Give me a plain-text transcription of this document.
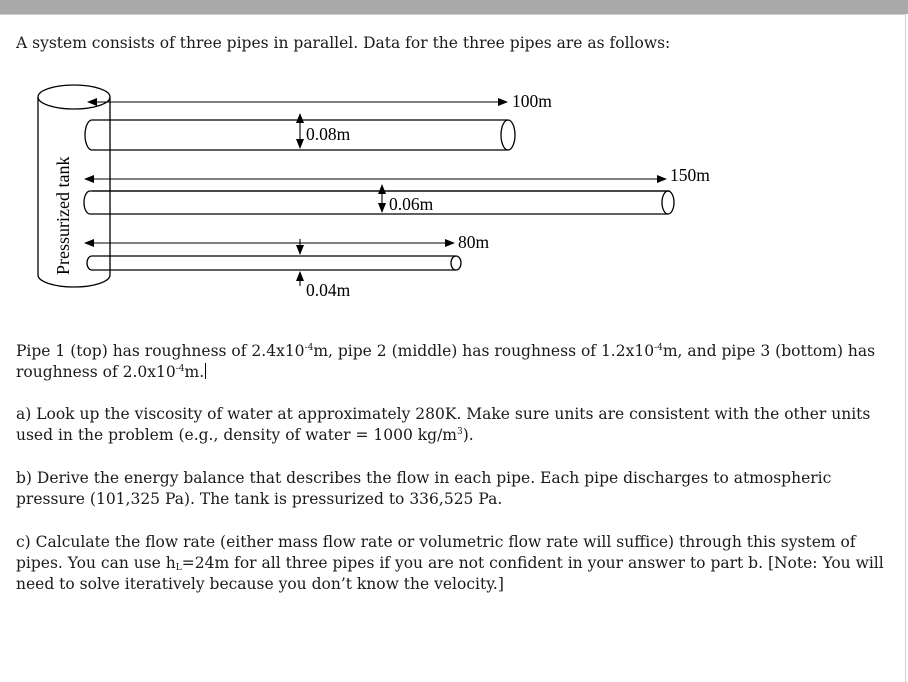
A system consists of three pipes in parallel. Data for the three pipes are as follows:

100m
0.08m
150m
0.06m
80m
0.04m
Pressurized tank

Pipe 1 (top) has roughness of $2.4x10^{-4}m$, pipe 2 (middle) has roughness of $1.2x10^{-4}m$, and pipe 3 (bottom) has roughness of $2.0x10^{-4}m$.

a) Look up the viscosity of water at approximately 280K. Make sure units are consistent with the other units used in the problem (e.g., density of water = 1000 $kg/m^3$).

b) Derive the energy balance that describes the flow in each pipe. Each pipe discharges to atmospheric pressure (101,325 Pa). The tank is pressurized to 336,525 Pa.

c) Calculate the flow rate (either mass flow rate or volumetric flow rate will suffice) through this system of pipes. You can use $h_L=24m$ for all three pipes if you are not confident in your answer to part b. [Note: You will need to solve iteratively because you don’t know the velocity.]
